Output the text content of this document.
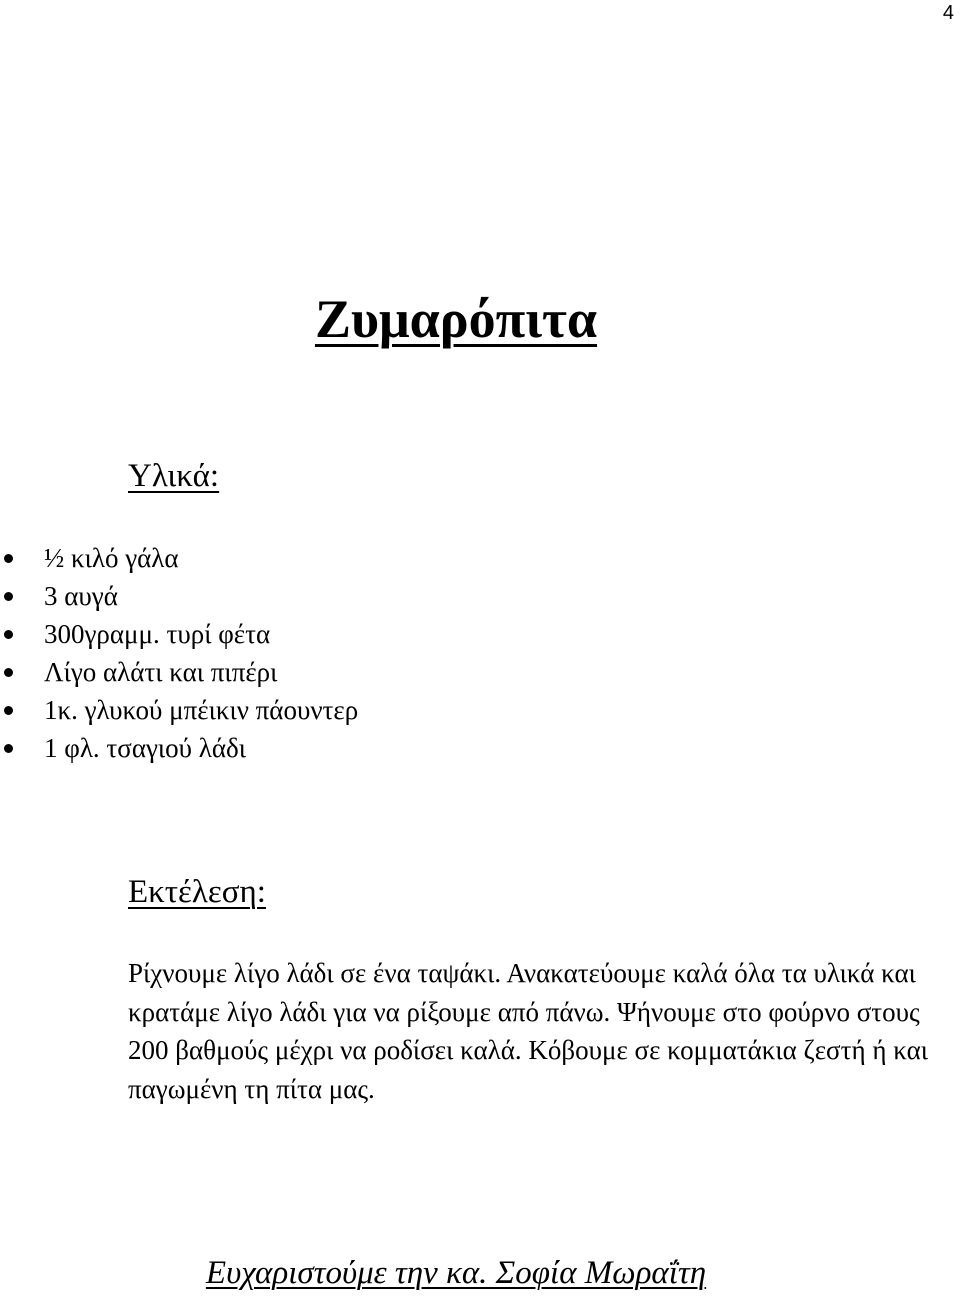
4
Ζυμαρόπιτα
Υλικά:
½ κιλό γάλα
3 αυγά
300γραμμ. τυρί φέτα
Λίγο αλάτι και πιπέρι
1κ. γλυκού μπέικιν πάουντερ
1 φλ. τσαγιού λάδι
Εκτέλεση:

Ρίχνουμε λίγο λάδι σε ένα ταψάκι. Ανακατεύουμε καλά όλα τα υλικά και κρατάμε λίγο λάδι για να ρίξουμε από πάνω. Ψήνουμε στο φούρνο στους 200 βαθμούς μέχρι να ροδίσει καλά. Κόβουμε σε κομματάκια ζεστή ή και παγωμένη τη πίτα μας.

Ευχαριστούμε την κα. Σοφία Μωραΐτη
